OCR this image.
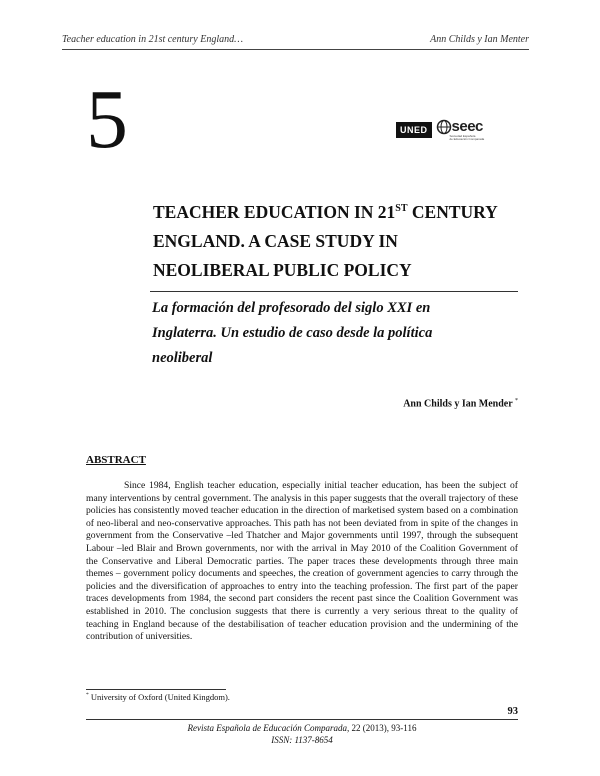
Teacher education in 21st century England…	Ann Childs y Ian Menter
5	UNED seec
Sociedad Española
de Educación Comparada
TEACHER EDUCATION IN 21ST CENTURY
ENGLAND. A CASE STUDY IN
NEOLIBERAL PUBLIC POLICY
La formación del profesorado del siglo XXI en
Inglaterra. Un estudio de caso desde la política
neoliberal
Ann Childs y Ian Mender *
ABSTRACT

Since 1984, English teacher education, especially initial teacher education, has been the subject of many interventions by central government. The analysis in this paper suggests that the overall trajectory of these policies has consistently moved teacher education in the direction of marketised system based on a combination of neo-liberal and neo-conservative approaches. This path has not been deviated from in spite of the changes in government from the Conservative –led Thatcher and Major governments until 1997, through the subsequent Labour –led Blair and Brown governments, nor with the arrival in May 2010 of the Coalition Government of the Conservative and Liberal Democratic parties. The paper traces these developments through three main themes – government policy documents and speeches, the creation of government agencies to carry through the policies and the diversification of approaches to entry into the teaching profession. The first part of the paper traces developments from 1984, the second part considers the recent past since the Coalition Government was established in 2010. The conclusion suggests that there is currently a very serious threat to the quality of teaching in England because of the destabilisation of teacher education provision and the undermining of the contribution of universities.

* University of Oxford (United Kingdom).
93
Revista Española de Educación Comparada, 22 (2013), 93-116
ISSN: 1137-8654
